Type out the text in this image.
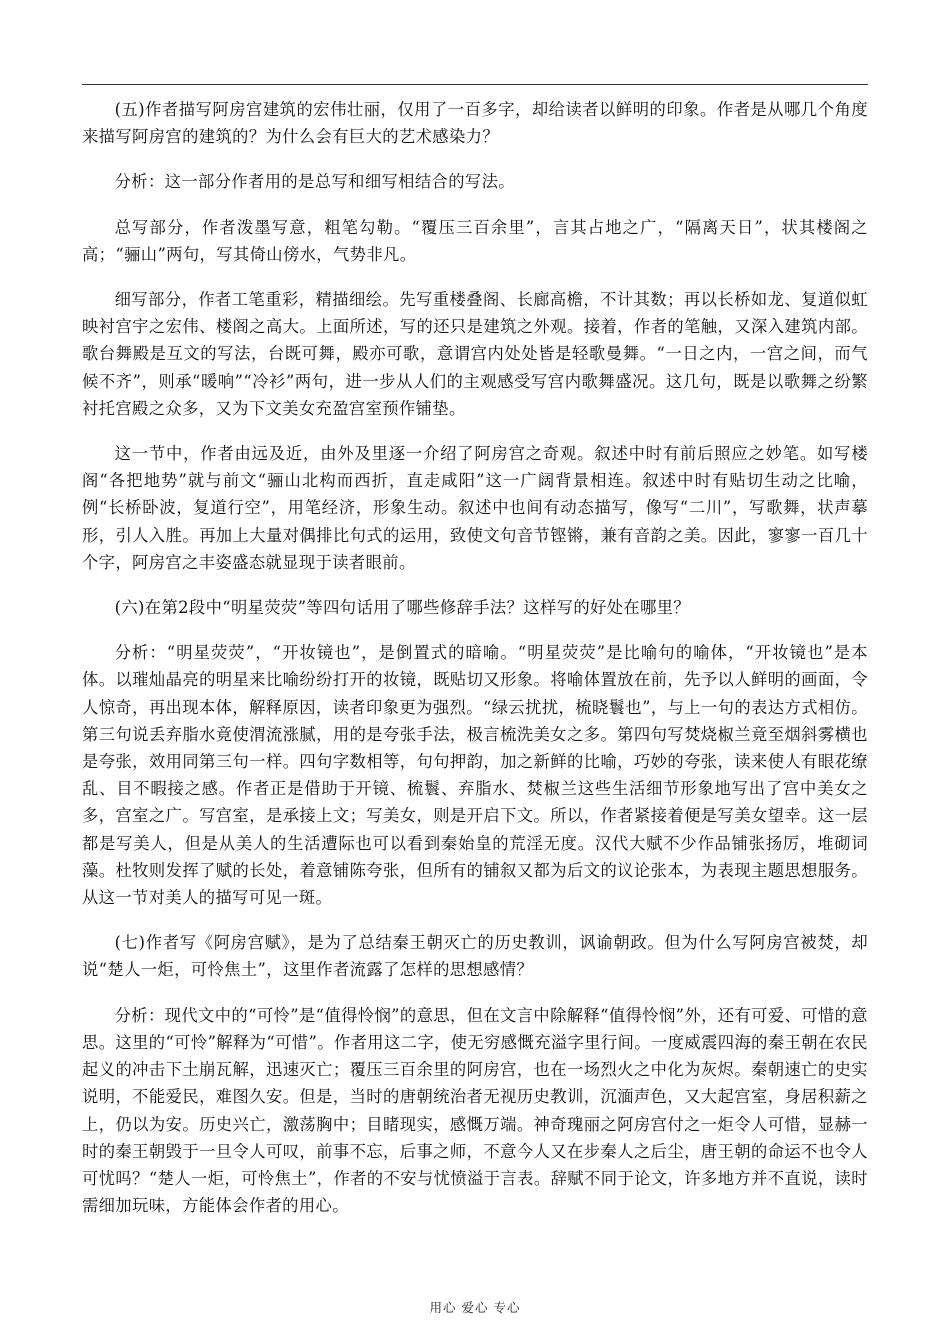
(五)作者描写阿房宫建筑的宏伟壮丽，仅用了一百多字，却给读者以鲜明的印象。作者是从哪几个角度来描写阿房宫的建筑的？为什么会有巨大的艺术感染力？

分析：这一部分作者用的是总写和细写相结合的写法。

总写部分，作者泼墨写意，粗笔勾勒。“覆压三百余里”，言其占地之广，“隔离天日”，状其楼阁之高；“骊山”两句，写其倚山傍水，气势非凡。

细写部分，作者工笔重彩，精描细绘。先写重楼叠阁、长廊高檐，不计其数；再以长桥如龙、复道似虹映衬宫宇之宏伟、楼阁之高大。上面所述，写的还只是建筑之外观。接着，作者的笔触，又深入建筑内部。歌台舞殿是互文的写法，台既可舞，殿亦可歌，意谓宫内处处皆是轻歌曼舞。“一日之内，一宫之间，而气候不齐”，则承“暖响”“冷衫”两句，进一步从人们的主观感受写宫内歌舞盛况。这几句，既是以歌舞之纷繁衬托宫殿之众多，又为下文美女充盈宫室预作铺垫。

这一节中，作者由远及近，由外及里逐一介绍了阿房宫之奇观。叙述中时有前后照应之妙笔。如写楼阁“各把地势”就与前文“骊山北构而西折，直走咸阳”这一广阔背景相连。叙述中时有贴切生动之比喻，例“长桥卧波，复道行空”，用笔经济，形象生动。叙述中也间有动态描写，像写“二川”，写歌舞，状声摹形，引人入胜。再加上大量对偶排比句式的运用，致使文句音节铿锵，兼有音韵之美。因此，寥寥一百几十个字，阿房宫之丰姿盛态就显现于读者眼前。

(六)在第2段中“明星荧荧”等四句话用了哪些修辞手法？这样写的好处在哪里？

分析：“明星荧荧”，“开妆镜也”，是倒置式的暗喻。“明星荧荧”是比喻句的喻体，“开妆镜也”是本体。以璀灿晶亮的明星来比喻纷纷打开的妆镜，既贴切又形象。将喻体置放在前，先予以人鲜明的画面，令人惊奇，再出现本体，解释原因，读者印象更为强烈。“绿云扰扰，梳晓鬟也”，与上一句的表达方式相仿。第三句说丢弃脂水竟使渭流涨腻，用的是夸张手法，极言梳洗美女之多。第四句写焚烧椒兰竟至烟斜雾横也是夸张，效用同第三句一样。四句字数相等，句句押韵，加之新鲜的比喻，巧妙的夸张，读来使人有眼花缭乱、目不暇接之感。作者正是借助于开镜、梳鬟、弃脂水、焚椒兰这些生活细节形象地写出了宫中美女之多，宫室之广。写宫室，是承接上文；写美女，则是开启下文。所以，作者紧接着便是写美女望幸。这一层都是写美人，但是从美人的生活遭际也可以看到秦始皇的荒淫无度。汉代大赋不少作品铺张扬厉，堆砌词藻。杜牧则发挥了赋的长处，着意铺陈夸张，但所有的铺叙又都为后文的议论张本，为表现主题思想服务。从这一节对美人的描写可见一斑。

(七)作者写《阿房宫赋》，是为了总结秦王朝灭亡的历史教训，讽谕朝政。但为什么写阿房宫被焚，却说“楚人一炬，可怜焦土”，这里作者流露了怎样的思想感情？

分析：现代文中的“可怜”是“值得怜悯”的意思，但在文言中除解释“值得怜悯”外，还有可爱、可惜的意思。这里的“可怜”解释为“可惜”。作者用这二字，使无穷感慨充溢字里行间。一度威震四海的秦王朝在农民起义的冲击下土崩瓦解，迅速灭亡；覆压三百余里的阿房宫，也在一场烈火之中化为灰烬。秦朝速亡的史实说明，不能爱民，难图久安。但是，当时的唐朝统治者无视历史教训，沉湎声色，又大起宫室，身居积薪之上，仍以为安。历史兴亡，激荡胸中；目睹现实，感慨万端。神奇瑰丽之阿房宫付之一炬令人可惜，显赫一时的秦王朝毁于一旦令人可叹，前事不忘，后事之师，不意今人又在步秦人之后尘，唐王朝的命运不也令人可忧吗？“楚人一炬，可怜焦土”，作者的不安与忧愤溢于言表。辞赋不同于论文，许多地方并不直说，读时需细加玩味，方能体会作者的用心。

用心 爱心 专心
